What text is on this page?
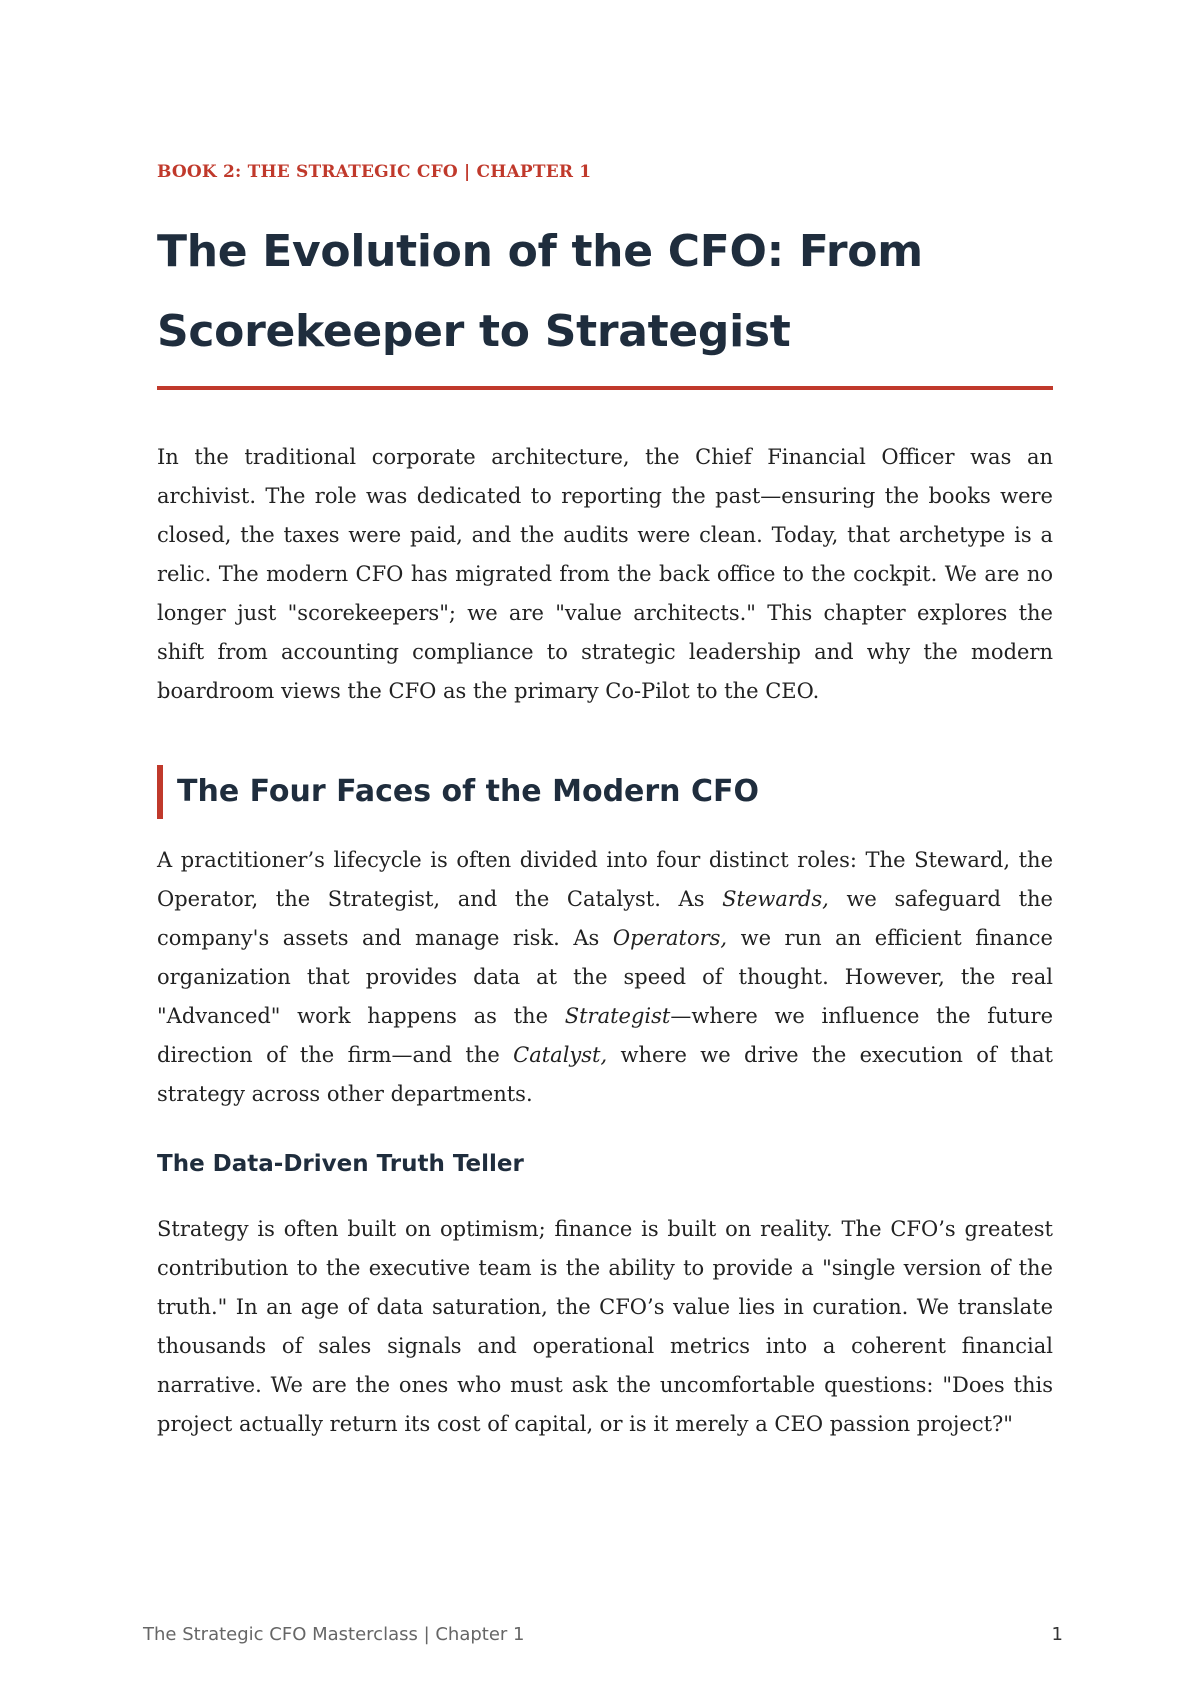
BOOK 2: THE STRATEGIC CFO | CHAPTER 1

The Evolution of the CFO: From
Scorekeeper to Strategist

In the traditional corporate architecture, the Chief Financial Officer was an archivist. The role was dedicated to reporting the past—ensuring the books were closed, the taxes were paid, and the audits were clean. Today, that archetype is a relic. The modern CFO has migrated from the back office to the cockpit. We are no longer just "scorekeepers"; we are "value architects." This chapter explores the shift from accounting compliance to strategic leadership and why the modern boardroom views the CFO as the primary Co-Pilot to the CEO.

The Four Faces of the Modern CFO

A practitioner’s lifecycle is often divided into four distinct roles: The Steward, the Operator, the Strategist, and the Catalyst. As Stewards, we safeguard the company's assets and manage risk. As Operators, we run an efficient finance organization that provides data at the speed of thought. However, the real "Advanced" work happens as the Strategist—where we influence the future direction of the firm—and the Catalyst, where we drive the execution of that strategy across other departments.

The Data-Driven Truth Teller

Strategy is often built on optimism; finance is built on reality. The CFO’s greatest contribution to the executive team is the ability to provide a "single version of the truth." In an age of data saturation, the CFO’s value lies in curation. We translate thousands of sales signals and operational metrics into a coherent financial narrative. We are the ones who must ask the uncomfortable questions: "Does this project actually return its cost of capital, or is it merely a CEO passion project?"

The Strategic CFO Masterclass | Chapter 1	1
